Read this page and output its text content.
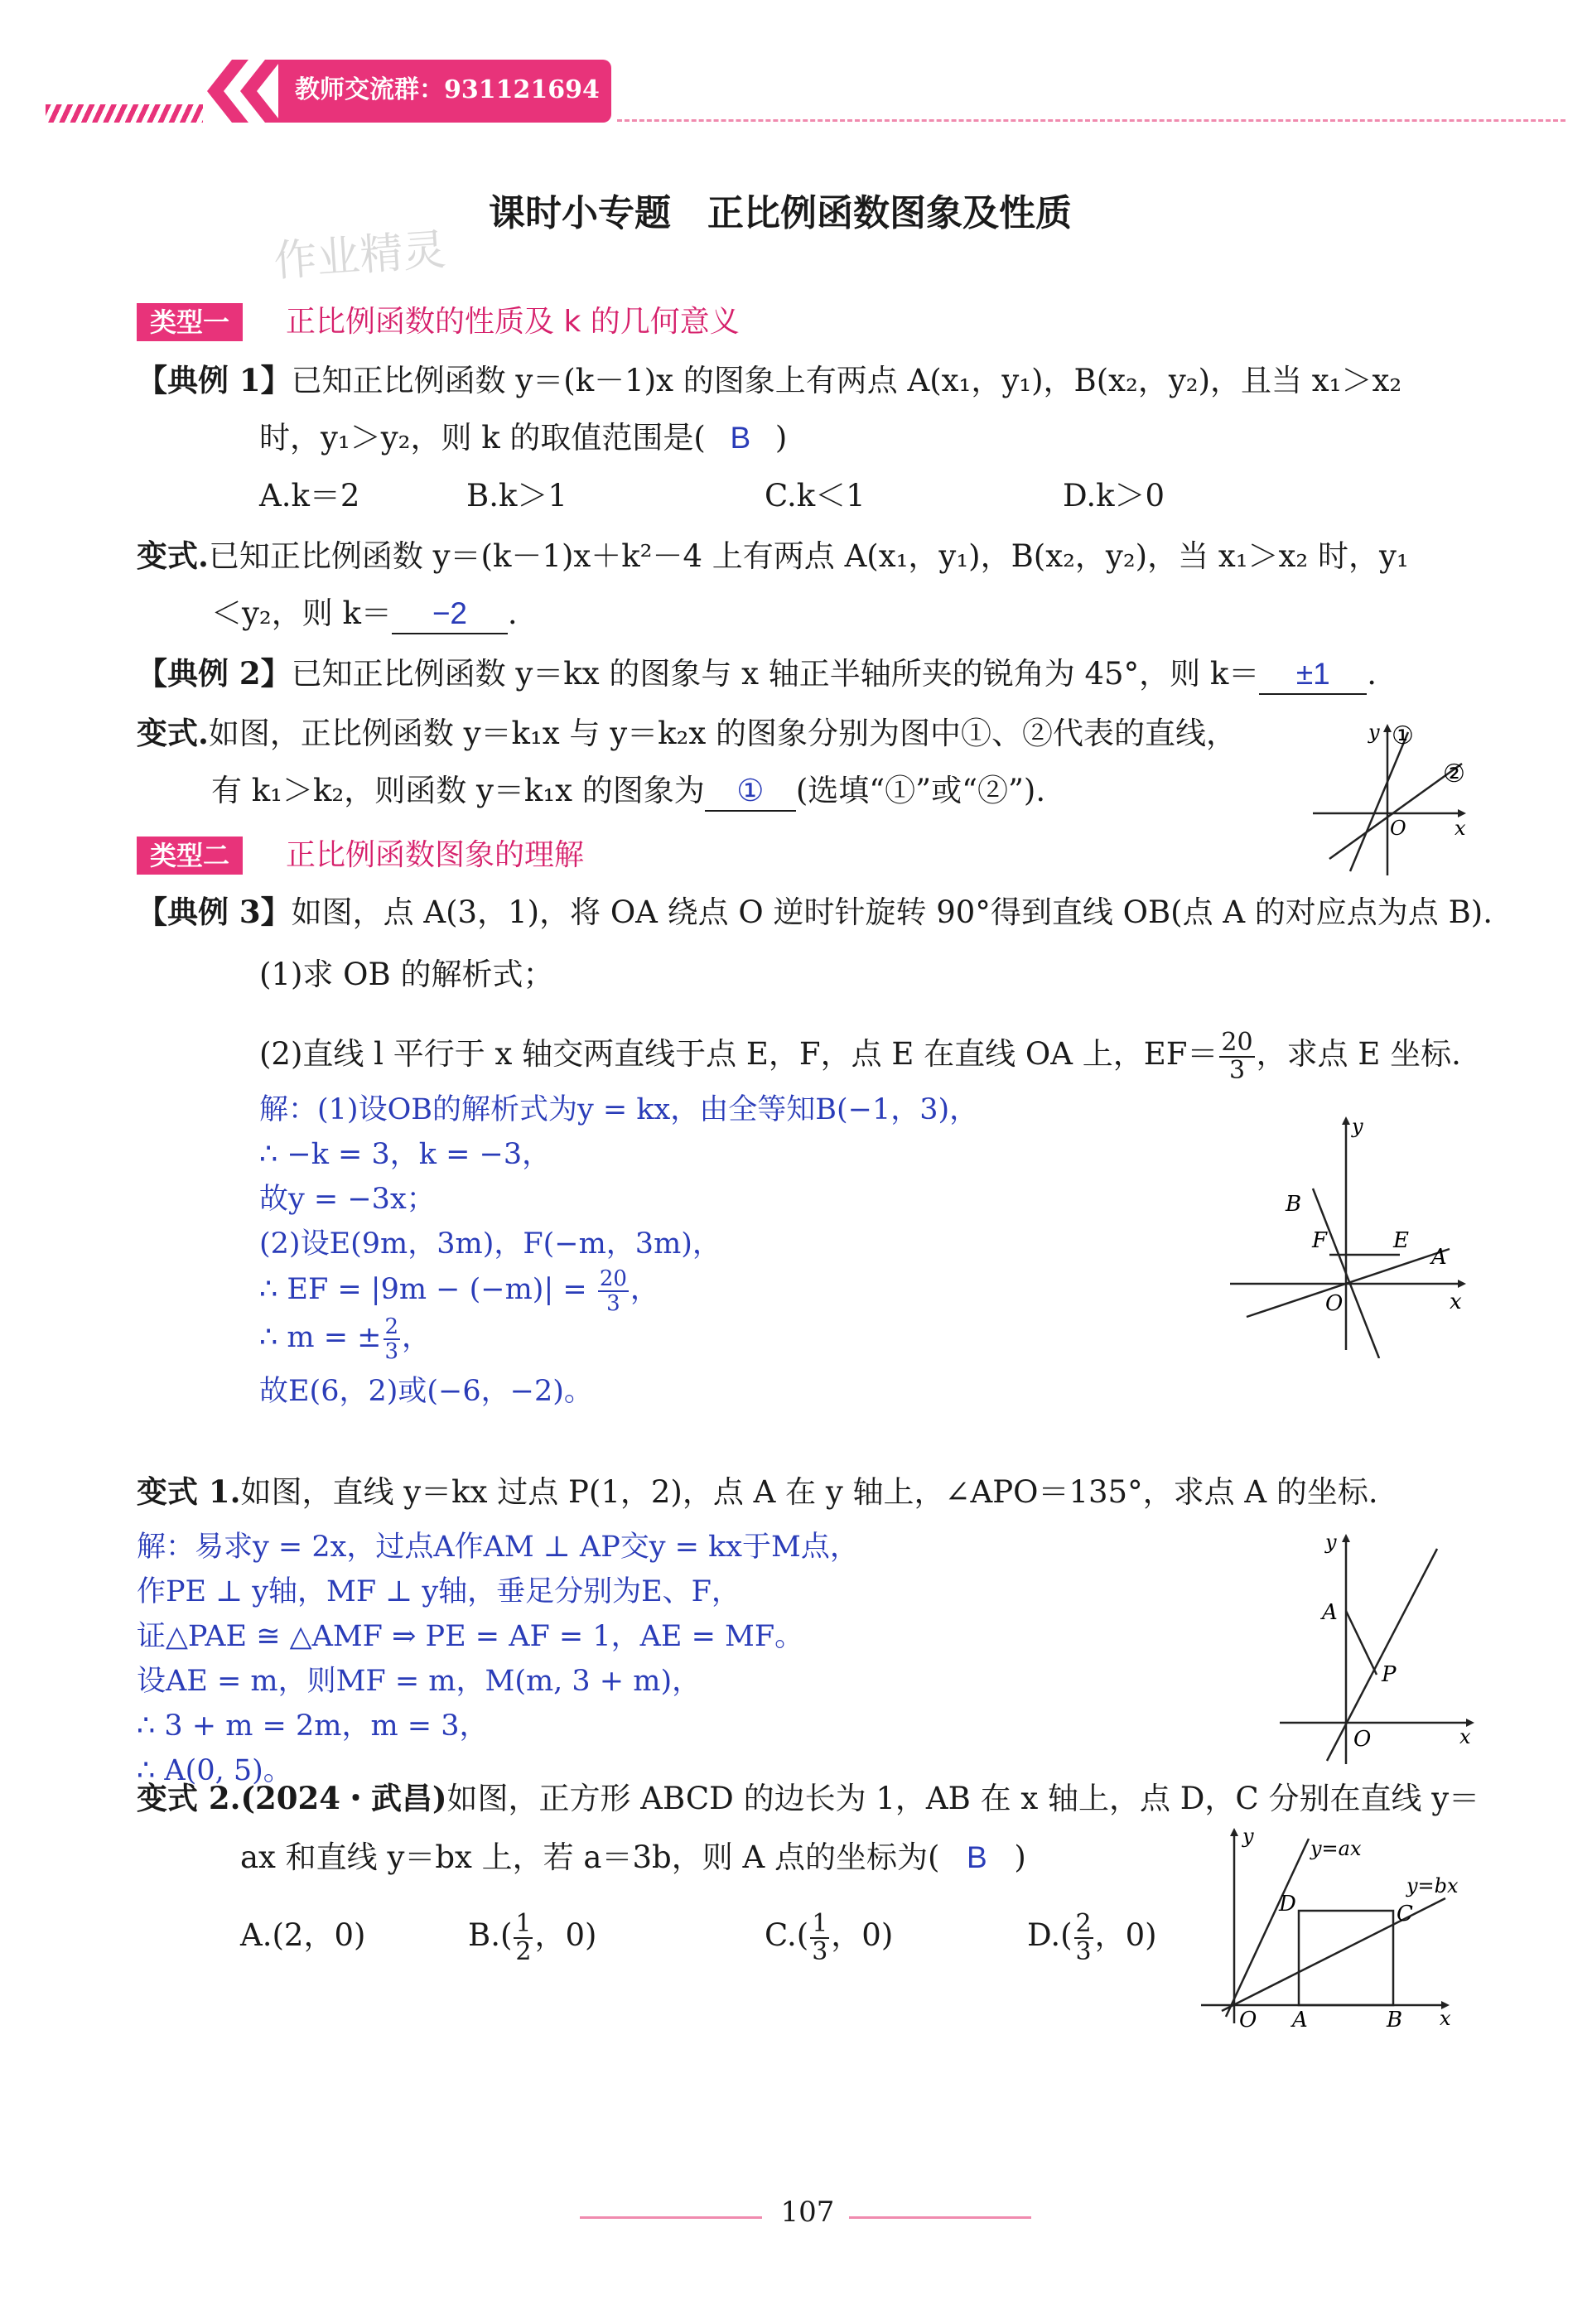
教师交流群：931121694
课时小专题　正比例函数图象及性质
作业精灵
类型一	正比例函数的性质及 k 的几何意义
【典例 1】已知正比例函数 y＝(k－1)x 的图象上有两点 A(x₁，y₁)，B(x₂，y₂)，且当 x₁＞x₂
时，y₁＞y₂，则 k 的取值范围是( B )
A.k＝2	B.k＞1	C.k＜1	D.k＞0
变式.已知正比例函数 y＝(k－1)x＋k²－4 上有两点 A(x₁，y₁)，B(x₂，y₂)，当 x₁＞x₂ 时，y₁
＜y₂，则 k＝ −2 .
【典例 2】已知正比例函数 y＝kx 的图象与 x 轴正半轴所夹的锐角为 45°，则 k＝ ±1 .
变式.如图，正比例函数 y＝k₁x 与 y＝k₂x 的图象分别为图中①、②代表的直线，
有 k₁＞k₂，则函数 y＝k₁x 的图象为 ① (选填“①”或“②”).
y ①
②
O x
类型二	正比例函数图象的理解
【典例 3】如图，点 A(3，1)，将 OA 绕点 O 逆时针旋转 90°得到直线 OB(点 A 的对应点为点 B).
(1)求 OB 的解析式；
(2)直线 l 平行于 x 轴交两直线于点 E，F，点 E 在直线 OA 上，$EF= \frac{20}{3}$ ，求点 E 坐标.
解：(1)设OB的解析式为y = kx，由全等知B(−1，3)，
∴ −k = 3，k = −3，
故y = −3x；
(2)设E(9m，3m)，F(−m，3m)，
∴ EF = $|9m - (-m)| = \frac{20}{3}$ ，
∴ m = ± $\frac{2}{3}$ ，
故E(6，2)或(−6，−2)。
y
B
F	E
A
O	x
变式 1.如图，直线 y＝kx 过点 P(1，2)，点 A 在 y 轴上，∠APO＝135°，求点 A 的坐标.
解：易求y = 2x，过点A作AM ⊥ AP交y = kx于M点，
作PE ⊥ y轴，MF ⊥ y轴，垂足分别为E、F，
证△PAE ≅ △AMF ⇒ PE = AF = 1，AE = MF。
设AE = m，则MF = m，M(m, 3 + m)，
∴ 3 + m = 2m，m = 3，
∴ A(0, 5)。
y
A
P
O	x
变式 2.(2024・武昌)如图，正方形 ABCD 的边长为 1，AB 在 x 轴上，点 D，C 分别在直线 y＝
ax 和直线 y＝bx 上，若 a＝3b，则 A 点的坐标为( B )
A.(2，0)	$B.( \frac{1}{2}$ ，0)	$C.( \frac{1}{3}$ ，0)	$D.( \frac{2}{3}$ ，0)
y
y=ax
y=bx
D	C
O A	B x
107
